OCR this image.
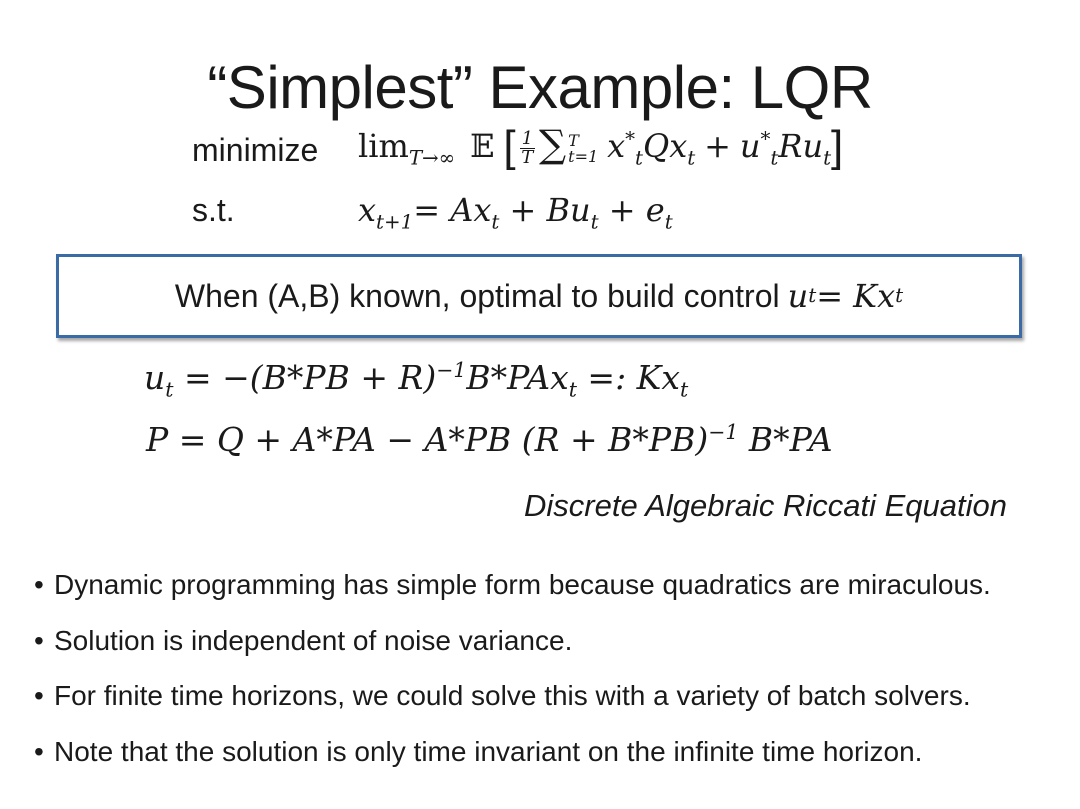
“Simplest” Example: LQR
minimize $\lim_{T\to\infty}$ 𝔼 [ $\frac{1}{T}$ ∑ T
t=1 $x^*_tQx_t + u^*_tRu_t$]
s.t.	$x_{t+1}= Ax_t + Bu_t + e_t$
When (A,B) known, optimal to build control u t = Kx t
$u_t = -(B*PB + R)^{-1}B*PAx_t$ =: $Kx_t$
P = Q + A*PA − A*PB $(R + B*PB)^{-1}$ B*PA
Discrete Algebraic Riccati Equation
• Dynamic programming has simple form because quadratics are miraculous.
• Solution is independent of noise variance.
• For finite time horizons, we could solve this with a variety of batch solvers.
• Note that the solution is only time invariant on the infinite time horizon.
